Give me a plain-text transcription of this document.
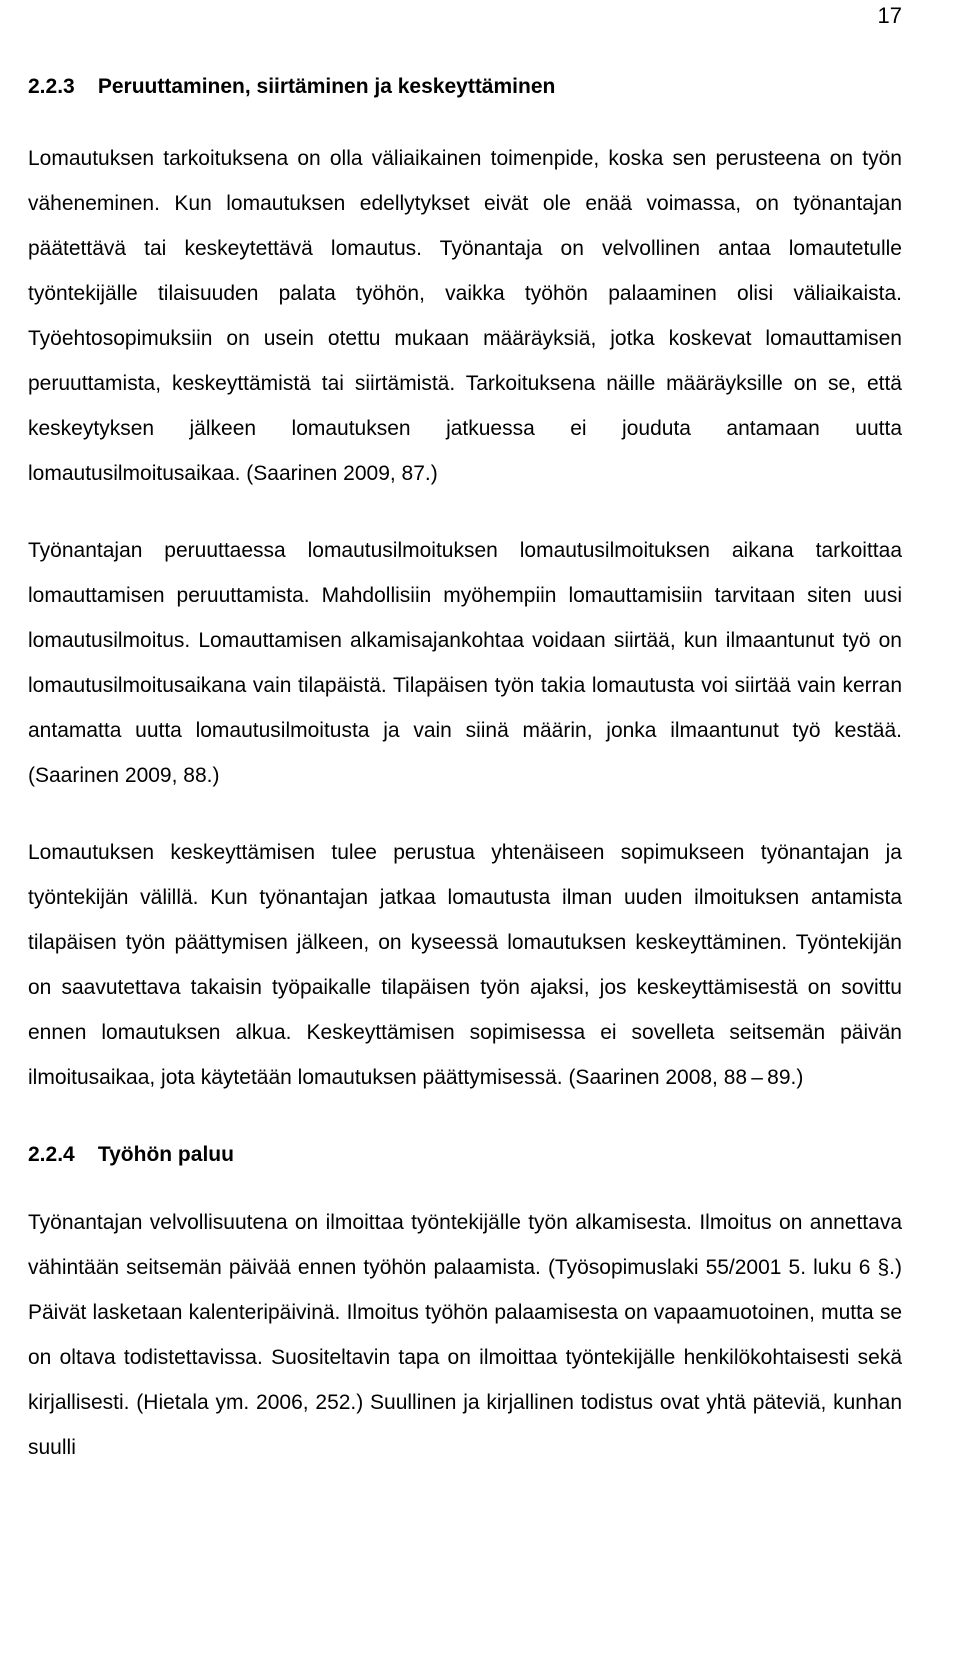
17
2.2.3 Peruuttaminen, siirtäminen ja keskeyttäminen

Lomautuksen tarkoituksena on olla väliaikainen toimenpide, koska sen perusteena on työn väheneminen. Kun lomautuksen edellytykset eivät ole enää voimassa, on työnantajan päätettävä tai keskeytettävä lomautus. Työnantaja on velvollinen antaa lomautetulle työntekijälle tilaisuuden palata työhön, vaikka työhön palaaminen olisi väliaikaista. Työehtosopimuksiin on usein otettu mukaan määräyksiä, jotka koskevat lomauttamisen peruuttamista, keskeyttämistä tai siirtämistä. Tarkoituksena näille määräyksille on se, että keskeytyksen jälkeen lomautuksen jatkuessa ei jouduta antamaan uutta lomautusilmoitusaikaa. (Saarinen 2009, 87.)

Työnantajan peruuttaessa lomautusilmoituksen lomautusilmoituksen aikana tarkoittaa lomauttamisen peruuttamista. Mahdollisiin myöhempiin lomauttamisiin tarvitaan siten uusi lomautusilmoitus. Lomauttamisen alkamisajankohtaa voidaan siirtää, kun ilmaantunut työ on lomautusilmoitusaikana vain tilapäistä. Tilapäisen työn takia lomautusta voi siirtää vain kerran antamatta uutta lomautusilmoitusta ja vain siinä määrin, jonka ilmaantunut työ kestää. (Saarinen 2009, 88.)

Lomautuksen keskeyttämisen tulee perustua yhtenäiseen sopimukseen työnantajan ja työntekijän välillä. Kun työnantajan jatkaa lomautusta ilman uuden ilmoituksen antamista tilapäisen työn päättymisen jälkeen, on kyseessä lomautuksen keskeyttäminen. Työntekijän on saavutettava takaisin työpaikalle tilapäisen työn ajaksi, jos keskeyttämisestä on sovittu ennen lomautuksen alkua. Keskeyttämisen sopimisessa ei sovelleta seitsemän päivän ilmoitusaikaa, jota käytetään lomautuksen päättymisessä. (Saarinen 2008, 88 – 89.)

2.2.4 Työhön paluu

Työnantajan velvollisuutena on ilmoittaa työntekijälle työn alkamisesta. Ilmoitus on annettava vähintään seitsemän päivää ennen työhön palaamista. (Työsopimuslaki 55/2001 5. luku 6 §.) Päivät lasketaan kalenteripäivinä. Ilmoitus työhön palaamisesta on vapaamuotoinen, mutta se on oltava todistettavissa. Suositeltavin tapa on ilmoittaa työntekijälle henkilökohtaisesti sekä kirjallisesti. (Hietala ym. 2006, 252.) Suullinen ja kirjallinen todistus ovat yhtä päteviä, kunhan suulli
